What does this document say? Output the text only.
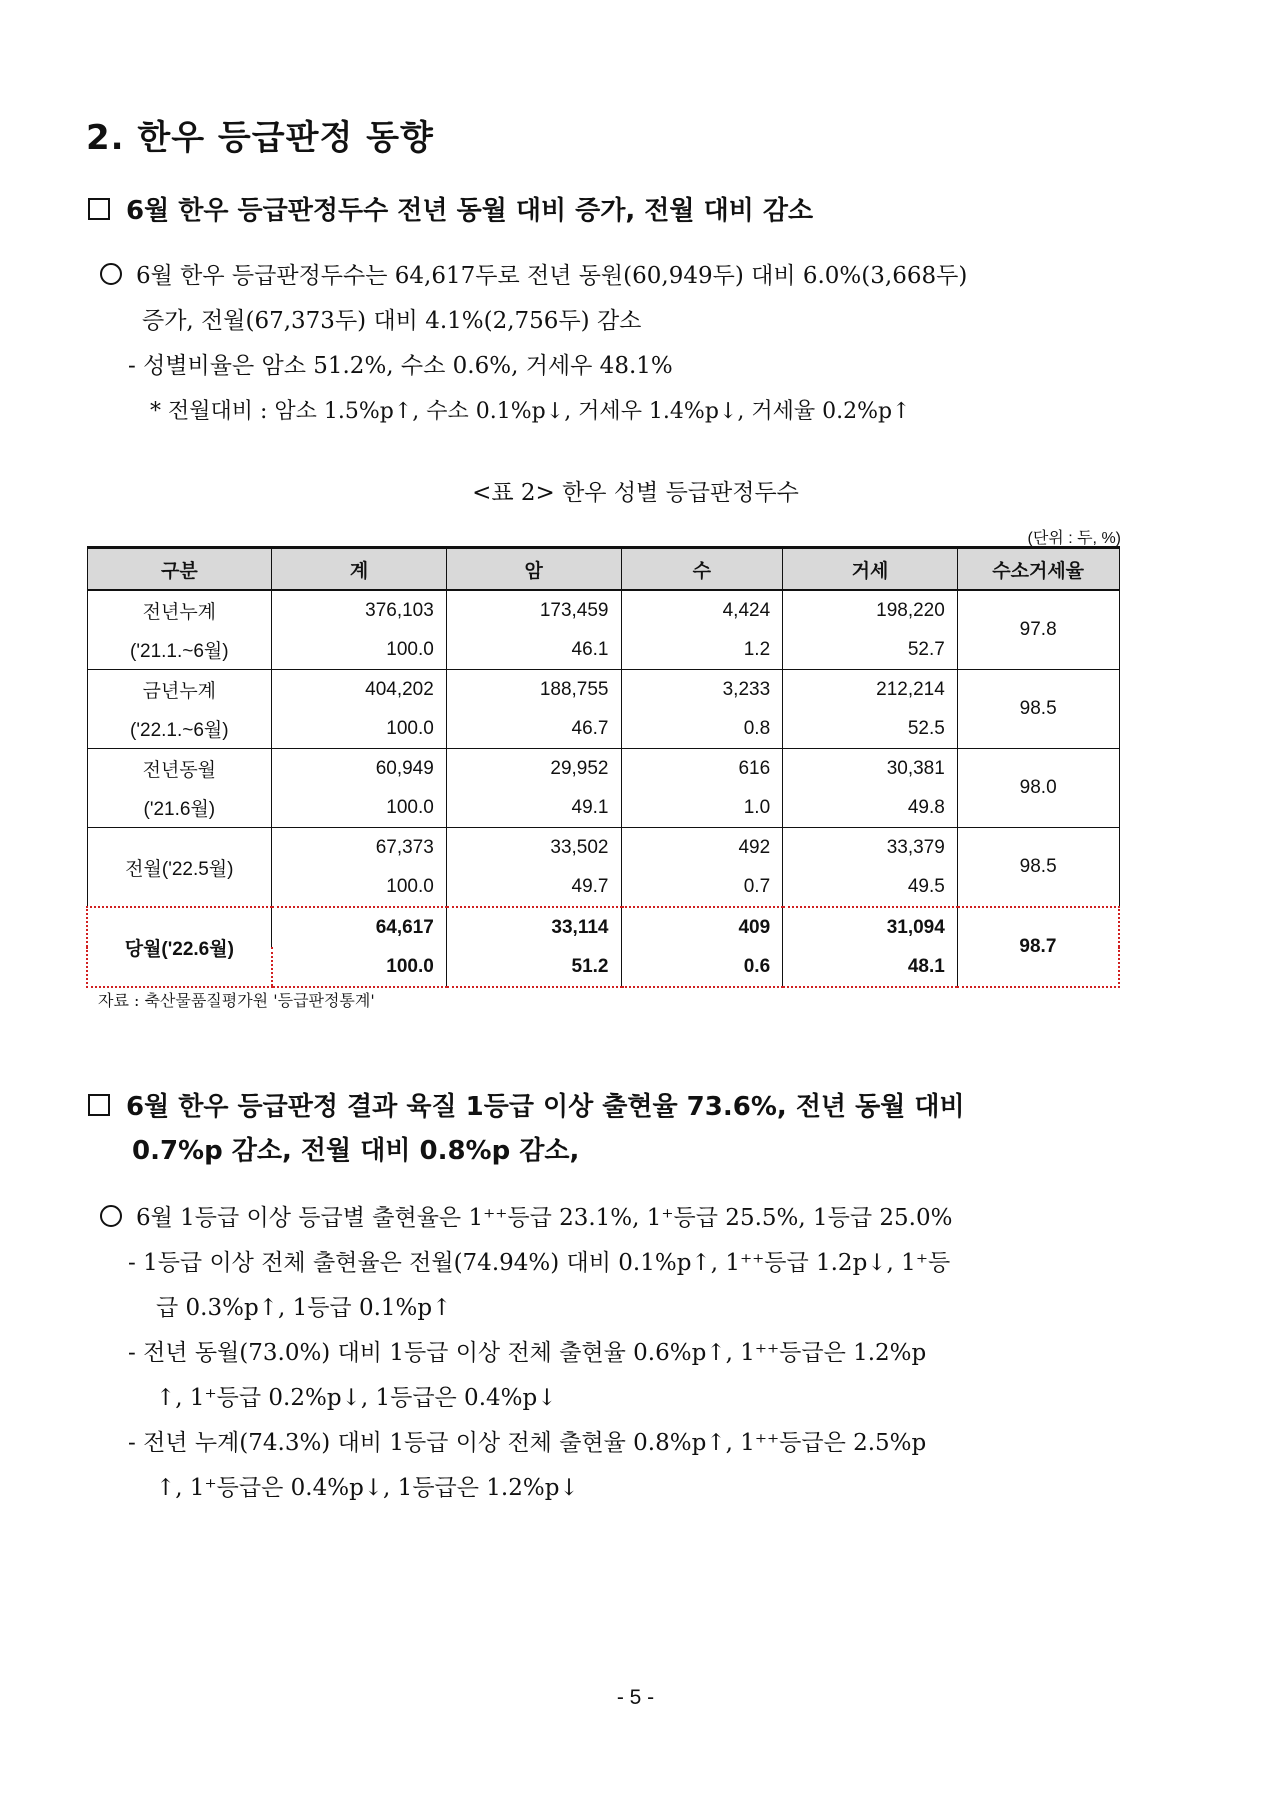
2. 한우 등급판정 동향
6월 한우 등급판정두수 전년 동월 대비 증가, 전월 대비 감소
6월 한우 등급판정두수는 64,617두로 전년 동원(60,949두) 대비 6.0%(3,668두)
증가, 전월(67,373두) 대비 4.1%(2,756두) 감소
- 성별비율은 암소 51.2%, 수소 0.6%, 거세우 48.1%
* 전월대비 : 암소 1.5%p↑, 수소 0.1%p↓, 거세우 1.4%p↓, 거세율 0.2%p↑
<표 2> 한우 성별 등급판정두수
(단위 : 두, %)
구분	계	암	수	거세	수소거세율
전년누계	376,103	173,459	4,424	198,220	97.8
('21.1.~6월)	100.0	46.1	1.2	52.7	
금년누계	404,202	188,755	3,233	212,214	98.5
('22.1.~6월)	100.0	46.7	0.8	52.5	
전년동월	60,949	29,952	616	30,381	98.0
('21.6월)	100.0	49.1	1.0	49.8	
전월('22.5월)	67,373	33,502	492	33,379	98.5
	100.0	49.7	0.7	49.5	
당월('22.6월)	64,617	33,114	409	31,094	98.7
	100.0	51.2	0.6	48.1	
자료 : 축산물품질평가원 '등급판정통계'
6월 한우 등급판정 결과 육질 1등급 이상 출현율 73.6%, 전년 동월 대비
0.7%p 감소, 전월 대비 0.8%p 감소,
6월 1등급 이상 등급별 출현율은 1⁺⁺등급 23.1%, 1⁺등급 25.5%, 1등급 25.0%
- 1등급 이상 전체 출현율은 전월(74.94%) 대비 0.1%p↑, 1⁺⁺등급 1.2p↓, 1⁺등
급 0.3%p↑, 1등급 0.1%p↑
- 전년 동월(73.0%) 대비 1등급 이상 전체 출현율 0.6%p↑, 1⁺⁺등급은 1.2%p
↑, 1⁺등급 0.2%p↓, 1등급은 0.4%p↓
- 전년 누계(74.3%) 대비 1등급 이상 전체 출현율 0.8%p↑, 1⁺⁺등급은 2.5%p
↑, 1⁺등급은 0.4%p↓, 1등급은 1.2%p↓
- 5 -
